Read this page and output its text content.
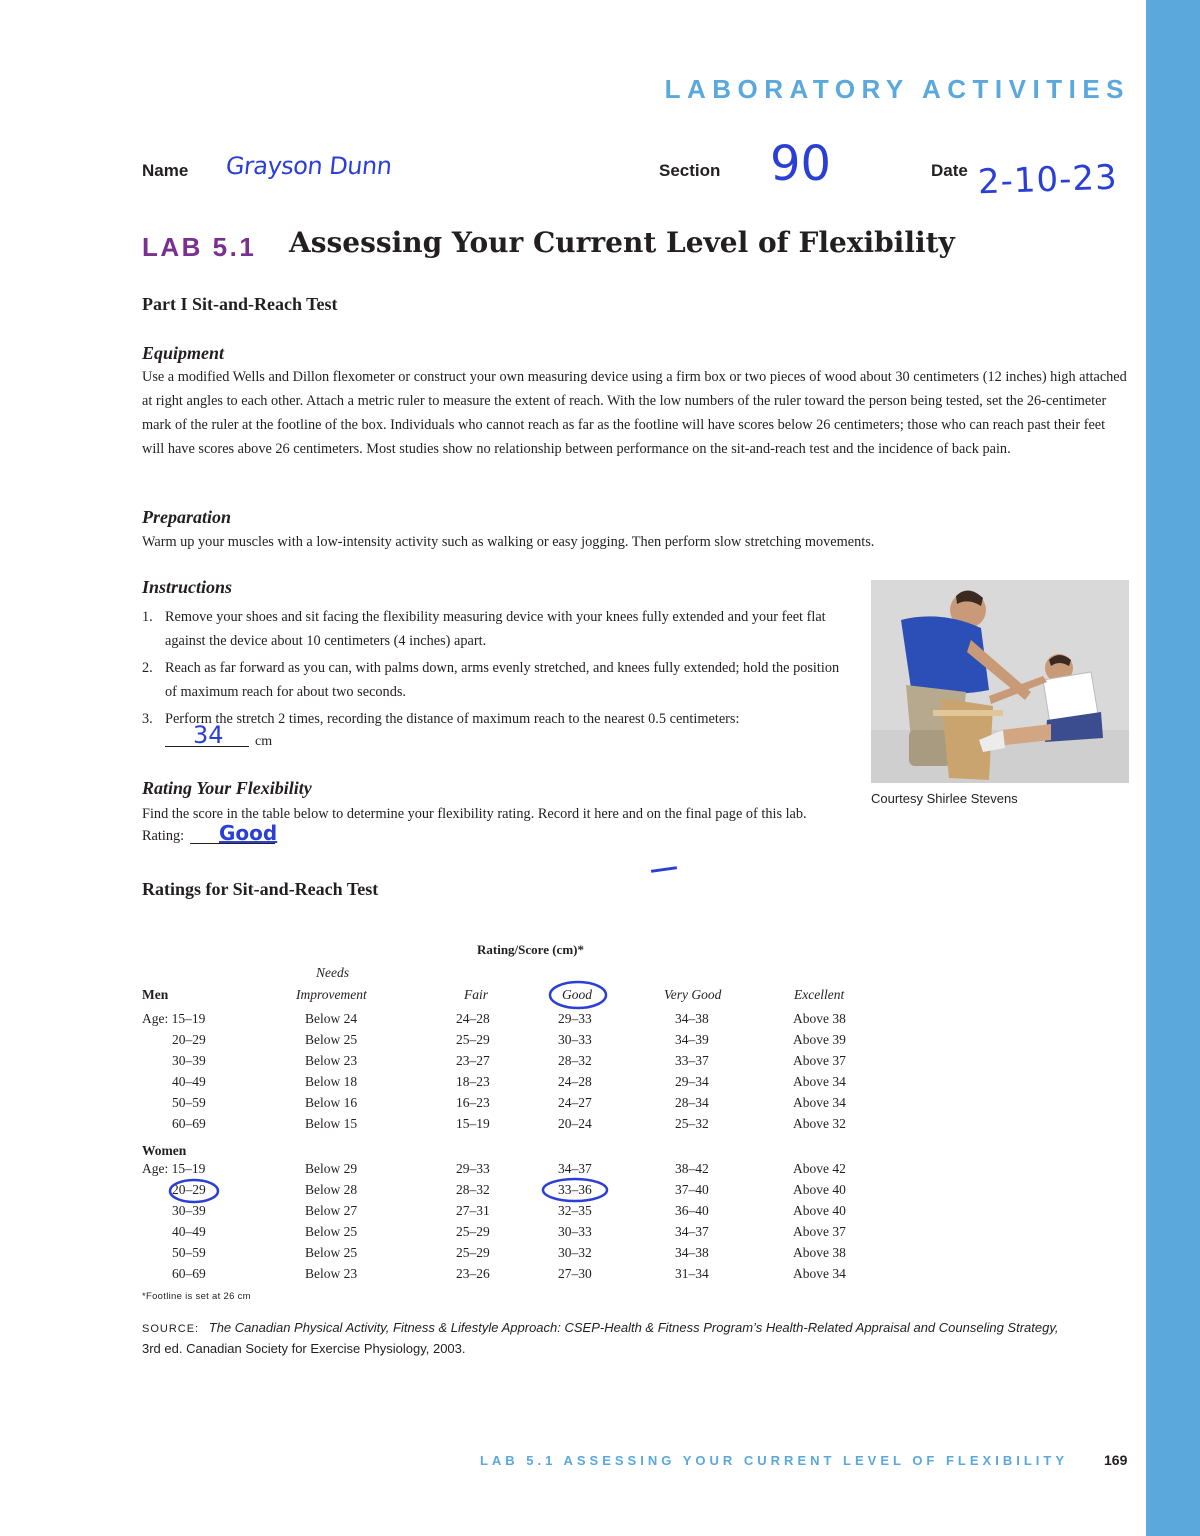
LABORATORY ACTIVITIES
Name Grayson Dunn	Section 90	Date 2-10-23
LAB 5.1 Assessing Your Current Level of Flexibility
Part I Sit-and-Reach Test
Equipment
Use a modified Wells and Dillon flexometer or construct your own measuring device using a firm box or two pieces of wood about 30 centimeters (12 inches) high attached at right angles to each other. Attach a metric ruler to measure the extent of reach. With the low numbers of the ruler toward the person being tested, set the 26-centimeter mark of the ruler at the footline of the box. Individuals who cannot reach as far as the footline will have scores below 26 centimeters; those who can reach past their feet will have scores above 26 centimeters. Most studies show no relationship between performance on the sit-and-reach test and the incidence of back pain.
Preparation
Warm up your muscles with a low-intensity activity such as walking or easy jogging. Then perform slow stretching movements.
Instructions
1. Remove your shoes and sit facing the flexibility measuring device with your knees fully extended and your feet flat against the device about 10 centimeters (4 inches) apart.
2. Reach as far forward as you can, with palms down, arms evenly stretched, and knees fully extended; hold the position of maximum reach for about two seconds.
3. Perform the stretch 2 times, recording the distance of maximum reach to the nearest 0.5 centimeters:
34 cm
Courtesy Shirlee Stevens
Rating Your Flexibility
Find the score in the table below to determine your flexibility rating. Record it here and on the final page of this lab.
Rating: Good
Ratings for Sit-and-Reach Test
Rating/Score (cm)*
Needs
Men	Improvement	Fair	Good	Very Good	Excellent
Age: 15–19	Below 24	24–28	29–33	34–38	Above 38
20–29	Below 25	25–29	30–33	34–39	Above 39
30–39	Below 23	23–27	28–32	33–37	Above 37
40–49	Below 18	18–23	24–28	29–34	Above 34
50–59	Below 16	16–23	24–27	28–34	Above 34
60–69	Below 15	15–19	20–24	25–32	Above 32
Women
Age: 15–19	Below 29	29–33	34–37	38–42	Above 42
20–29	Below 28	28–32	33–36	37–40	Above 40
30–39	Below 27	27–31	32–35	36–40	Above 40
40–49	Below 25	25–29	30–33	34–37	Above 37
50–59	Below 25	25–29	30–32	34–38	Above 38
60–69	Below 23	23–26	27–30	31–34	Above 34
*Footline is set at 26 cm
SOURCE: The Canadian Physical Activity, Fitness & Lifestyle Approach: CSEP-Health & Fitness Program’s Health-Related Appraisal and Counseling Strategy,
3rd ed. Canadian Society for Exercise Physiology, 2003.
LAB 5.1 ASSESSING YOUR CURRENT LEVEL OF FLEXIBILITY	169
